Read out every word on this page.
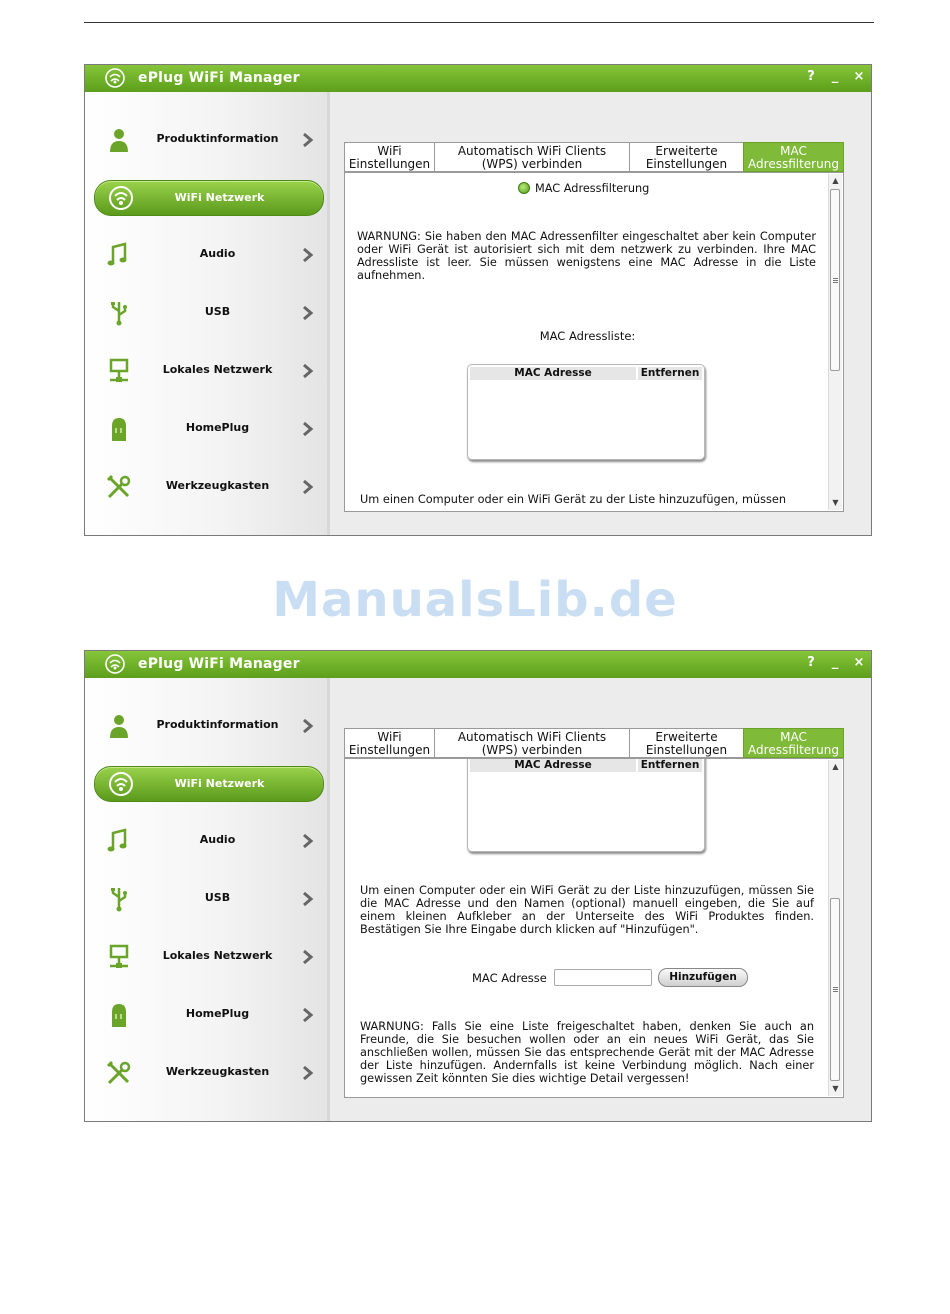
ePlug WiFi Manager	?	_	×
Produktinformation
WiFi Netzwerk
Audio
USB
Lokales Netzwerk
HomePlug
Werkzeugkasten
WiFi
Einstellungen
Automatisch WiFi Clients
(WPS) verbinden
Erweiterte
Einstellungen
MAC
Adressfilterung
MAC Adressfilterung
WARNUNG: Sie haben den MAC Adressenfilter eingeschaltet aber kein Computer oder WiFi Gerät ist autorisiert sich mit dem netzwerk zu verbinden. Ihre MAC Adressliste ist leer. Sie müssen wenigstens eine MAC Adresse in die Liste aufnehmen.
MAC Adressliste:
MAC Adresse	Entfernen
Um einen Computer oder ein WiFi Gerät zu der Liste hinzuzufügen, müssen
▲
▼
ManualsLib.de
ePlug WiFi Manager	?	_	×
Produktinformation
WiFi Netzwerk
Audio
USB
Lokales Netzwerk
HomePlug
Werkzeugkasten
WiFi
Einstellungen
Automatisch WiFi Clients
(WPS) verbinden
Erweiterte
Einstellungen
MAC
Adressfilterung
MAC Adresse	Entfernen
Um einen Computer oder ein WiFi Gerät zu der Liste hinzuzufügen, müssen Sie die MAC Adresse und den Namen (optional) manuell eingeben, die Sie auf einem kleinen Aufkleber an der Unterseite des WiFi Produktes finden. Bestätigen Sie Ihre Eingabe durch klicken auf "Hinzufügen".
MAC Adresse	Hinzufügen
WARNUNG: Falls Sie eine Liste freigeschaltet haben, denken Sie auch an Freunde, die Sie besuchen wollen oder an ein neues WiFi Gerät, das Sie anschließen wollen, müssen Sie das entsprechende Gerät mit der MAC Adresse der Liste hinzufügen. Andernfalls ist keine Verbindung möglich. Nach einer gewissen Zeit könnten Sie dies wichtige Detail vergessen!
▲
▼
